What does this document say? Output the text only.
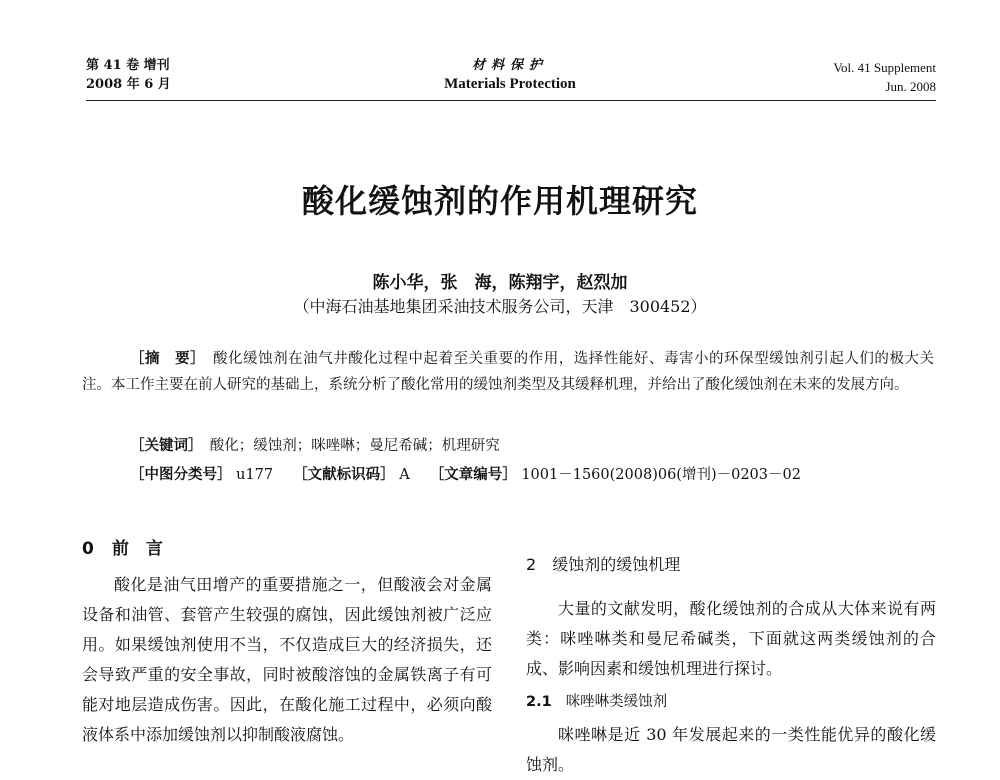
第 41 卷 增刊
2008 年 6 月
材料保护
Materials Protection
Vol. 41 Supplement
Jun. 2008
酸化缓蚀剂的作用机理研究
陈小华，张　海，陈翔宇，赵烈加
（中海石油基地集团采油技术服务公司，天津　300452）
［摘　要］　 酸化缓蚀剂在油气井酸化过程中起着至关重要的作用，选择性能好、毒害小的环保型缓蚀剂引起人们的极大关注。本工作主要在前人研究的基础上，系统分析了酸化常用的缓蚀剂类型及其缓释机理，并给出了酸化缓蚀剂在未来的发展方向。
［关键词］　 酸化；缓蚀剂；咪唑啉；曼尼希碱；机理研究
［中图分类号］ u177 ［文献标识码］ A ［文章编号］ 1001－1560(2008)06(增刊)－0203－02
0 前　言
酸化是油气田增产的重要措施之一，但酸液会对金属设备和油管、套管产生较强的腐蚀，因此缓蚀剂被广泛应用。如果缓蚀剂使用不当，不仅造成巨大的经济损失，还会导致严重的安全事故，同时被酸溶蚀的金属铁离子有可能对地层造成伤害。因此，在酸化施工过程中，必须向酸液体系中添加缓蚀剂以抑制酸液腐蚀。
2 缓蚀剂的缓蚀机理
大量的文献发明，酸化缓蚀剂的合成从大体来说有两类：咪唑啉类和曼尼希碱类，下面就这两类缓蚀剂的合成、影响因素和缓蚀机理进行探讨。
2.1 咪唑啉类缓蚀剂
咪唑啉是近 30 年发展起来的一类性能优异的酸化缓蚀剂。
